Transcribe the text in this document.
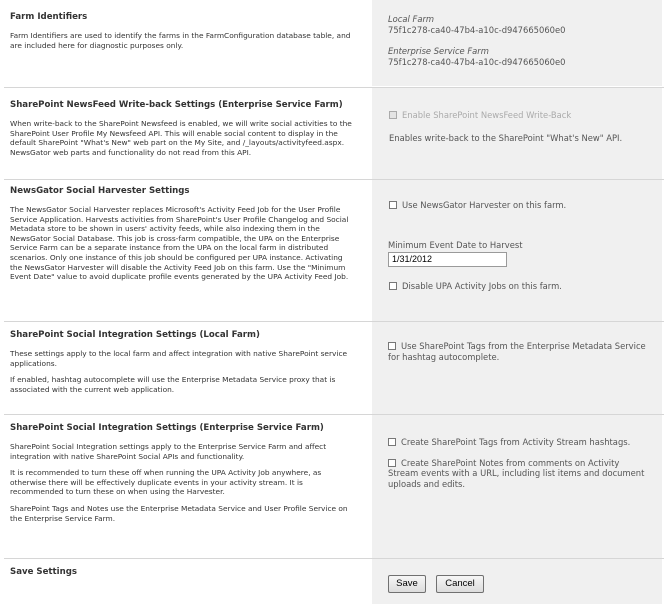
Local Farm
75f1c278-ca40-47b4-a10c-d947665060e0
Enterprise Service Farm
75f1c278-ca40-47b4-a10c-d947665060e0
Farm Identifiers
Farm Identifiers are used to identify the farms in the FarmConfiguration database table, and are included here for diagnostic purposes only.
Enable SharePoint NewsFeed Write-Back
Enables write-back to the SharePoint "What's New" API.
SharePoint NewsFeed Write-back Settings (Enterprise Service Farm)
When write-back to the SharePoint Newsfeed is enabled, we will write social activities to the SharePoint User Profile My Newsfeed API. This will enable social content to display in the default SharePoint "What's New" web part on the My Site, and /_layouts/activityfeed.aspx. NewsGator web parts and functionality do not read from this API.
Use NewsGator Harvester on this farm.
Minimum Event Date to Harvest
1/31/2012
Disable UPA Activity Jobs on this farm.
NewsGator Social Harvester Settings
The NewsGator Social Harvester replaces Microsoft's Activity Feed Job for the User Profile Service Application. Harvests activities from SharePoint's User Profile Changelog and Social Metadata store to be shown in users' activity feeds, while also indexing them in the NewsGator Social Database. This job is cross-farm compatible, the UPA on the Enterprise Service Farm can be a separate instance from the UPA on the local farm in distributed scenarios. Only one instance of this job should be configured per UPA instance. Activating the NewsGator Harvester will disable the Activity Feed Job on this farm. Use the "Minimum Event Date" value to avoid duplicate profile events generated by the UPA Activity Feed Job.
Use SharePoint Tags from the Enterprise Metadata Service for hashtag autocomplete.
SharePoint Social Integration Settings (Local Farm)
These settings apply to the local farm and affect integration with native SharePoint service applications.
If enabled, hashtag autocomplete will use the Enterprise Metadata Service proxy that is associated with the current web application.
Create SharePoint Tags from Activity Stream hashtags.
Create SharePoint Notes from comments on Activity Stream events with a URL, including list items and document uploads and edits.
SharePoint Social Integration Settings (Enterprise Service Farm)
SharePoint Social Integration settings apply to the Enterprise Service Farm and affect integration with native SharePoint Social APIs and functionality.
It is recommended to turn these off when running the UPA Activity Job anywhere, as otherwise there will be effectively duplicate events in your activity stream. It is recommended to turn these on when using the Harvester.
SharePoint Tags and Notes use the Enterprise Metadata Service and User Profile Service on the Enterprise Service Farm.
Save	Cancel
Save Settings
